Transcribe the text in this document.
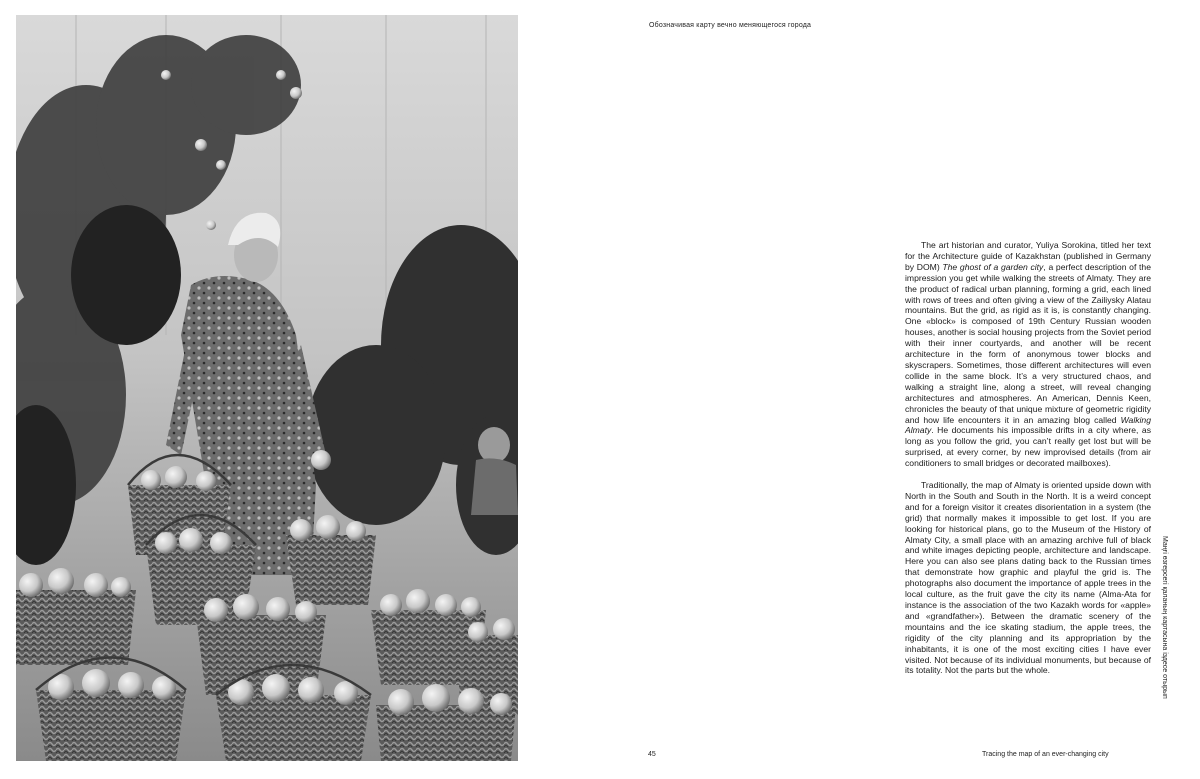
Обозначивая карту вечно меняющегося города

The art historian and curator, Yuliya Sorokina, titled her text for the Architecture guide of Kazakhstan (published in Germany by DOM) The ghost of a garden city, a perfect description of the impression you get while walking the streets of Almaty. They are the product of radical urban planning, forming a grid, each lined with rows of trees and often giving a view of the Zailiysky Alatau mountains. But the grid, as rigid as it is, is constantly changing. One «block» is composed of 19th Century Russian wooden houses, another is social housing projects from the Soviet period with their inner courtyards, and another will be recent architecture in the form of anonymous tower blocks and skyscrapers. Sometimes, those different architectures will even collide in the same block. It’s a very structured chaos, and walking a straight line, along a street, will reveal changing architectures and atmospheres. An American, Dennis Keen, chronicles the beauty of that unique mixture of geometric rigidity and how life encounters it in an amazing blog called Walking Almaty. He documents his impossible drifts in a city where, as long as you follow the grid, you can’t really get lost but will be surprised, at every corner, by new improvised details (from air conditioners to small bridges or decorated mailboxes).

Traditionally, the map of Almaty is oriented upside down with North in the South and South in the North. It is a weird concept and for a foreign visitor it creates disorientation in a system (the grid) that normally makes it impossible to get lost. If you are looking for historical plans, go to the Museum of the History of Almaty City, a small place with an amazing archive full of black and white images depicting people, architecture and landscape. Here you can also see plans dating back to the Russian times that demonstrate how graphic and playful the grid is. The photographs also document the importance of apple trees in the local culture, as the fruit gave the city its name (Alma-Ata for instance is the association of the two Kazakh words for «apple» and «grandfather»). Between the dramatic scenery of the mountains and the ice skating stadium, the apple trees, the rigidity of the city planning and its appropriation by the inhabitants, it is one of the most exciting cities I have ever visited. Not because of its individual monuments, but because of its totality. Not the parts but the whole.

45	Tracing the map of an ever-changing city
Маңғі өзгерсегі қаланың картасына іздесе отырып
